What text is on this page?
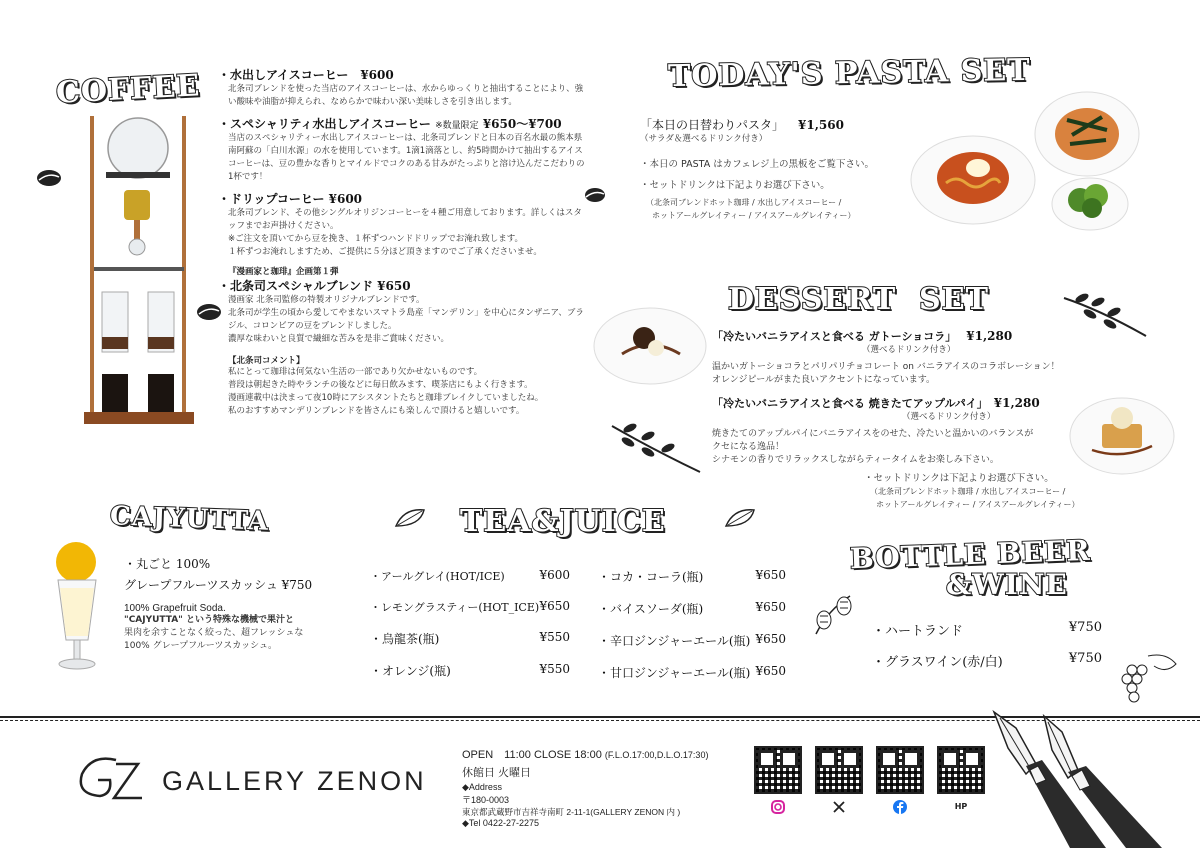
COFFEE ・水出しアイスコーヒー　¥600
北条司ブレンドを使った当店のアイスコーヒーは、水からゆっくりと抽出することにより、強い酸味や油脂が抑えられ、なめらかで味わい深い美味しさを引き出します。
・スペシャリティ水出しアイスコーヒー ※数量限定 ¥650〜¥700
当店のスペシャリティー水出しアイスコーヒーは、北条司ブレンドと日本の百名水最の熊本県南阿蘇の「白川水源」の水を使用しています。1滴1滴落とし、約5時間かけて抽出するアイスコーヒーは、豆の豊かな香りとマイルドでコクのある甘みがたっぷりと溶け込んだこだわりの1杯です！
・ドリップコーヒー ¥600
北条司ブレンド、その他シングルオリジンコーヒーを４種ご用意しております。詳しくはスタッフまでお声掛けください。
※ご注文を頂いてから豆を挽き、１杯ずつハンドドリップでお淹れ致します。
１杯ずつお淹れしますため、ご提供に５分ほど頂きますのでご了承くださいませ。
『漫画家と珈琲』企画第１弾
・北条司スペシャルブレンド ¥650
漫画家 北条司監修の特製オリジナルブレンドです。
北条司が学生の頃から愛してやまないスマトラ島産「マンデリン」を中心にタンザニア、ブラジル、コロンビアの豆をブレンドしました。
濃厚な味わいと良質で繊細な苦みを是非ご賞味ください。
【北条司コメント】
私にとって珈琲は何気ない生活の一部であり欠かせないものです。
普段は朝起きた時やランチの後などに毎日飲みます、喫茶店にもよく行きます。
漫画連載中は決まって夜10時にアシスタントたちと珈琲ブレイクしていましたね。
私のおすすめマンデリンブレンドを皆さんにも楽しんで頂けると嬉しいです。
TODAY'S PASTA SET
「本日の日替わりパスタ」 ¥1,560
（サラダ＆選べるドリンク付き）
・本日の PASTA はカフェレジ上の黒板をご覧下さい。
・セットドリンクは下記よりお選び下さい。
（北条司ブレンドホット珈琲 / 水出しアイスコーヒー /
ホットアールグレイティー / アイスアールグレイティー）
DESSERT  SET
「冷たいバニラアイスと食べる ガトーショコラ」 ¥1,280
（選べるドリンク付き）
温かいガトーショコラとパリパリチョコレート on バニラアイスのコラボレーション！
オレンジピールがまた良いアクセントになっています。
「冷たいバニラアイスと食べる 焼きたてアップルパイ」 ¥1,280
（選べるドリンク付き）
焼きたてのアップルパイにバニラアイスをのせた、冷たいと温かいのバランスがクセになる逸品！
シナモンの香りでリラックスしながらティータイムをお楽しみ下さい。
・セットドリンクは下記よりお選び下さい。
（北条司ブレンドホット珈琲 / 水出しアイスコーヒー /
ホットアールグレイティー / アイスアールグレイティー）
CAJYUTTA
・丸ごと 100%
グレープフルーツスカッシュ ¥750
100% Grapefruit Soda.
"CAJYUTTA" という特殊な機械で果汁と
果肉を余すことなく絞った、超フレッシュな
100% グレープフルーツスカッシュ。
TEA&JUICE
・アールグレイ(HOT/ICE)	¥600
・レモングラスティー(HOT_ICE) ¥650
・烏龍茶(瓶)	¥550
・オレンジ(瓶)	¥550
・コカ・コーラ(瓶)	¥650
・バイスソーダ(瓶)	¥650
・辛口ジンジャーエール(瓶) ¥650
・甘口ジンジャーエール(瓶) ¥650
BOTTLE BEER
&WINE
・ハートランド	¥750
・グラスワイン(赤/白)	¥750
GALLERY ZENON
OPEN　11:00 CLOSE 18:00 (F.L.O.17:00,D.L.O.17:30)
休館日 火曜日
◆Address
〒180-0003
東京都武蔵野市吉祥寺南町 2-11-1(GALLERY ZENON 内 )
◆Tel 0422-27-2275
HP
